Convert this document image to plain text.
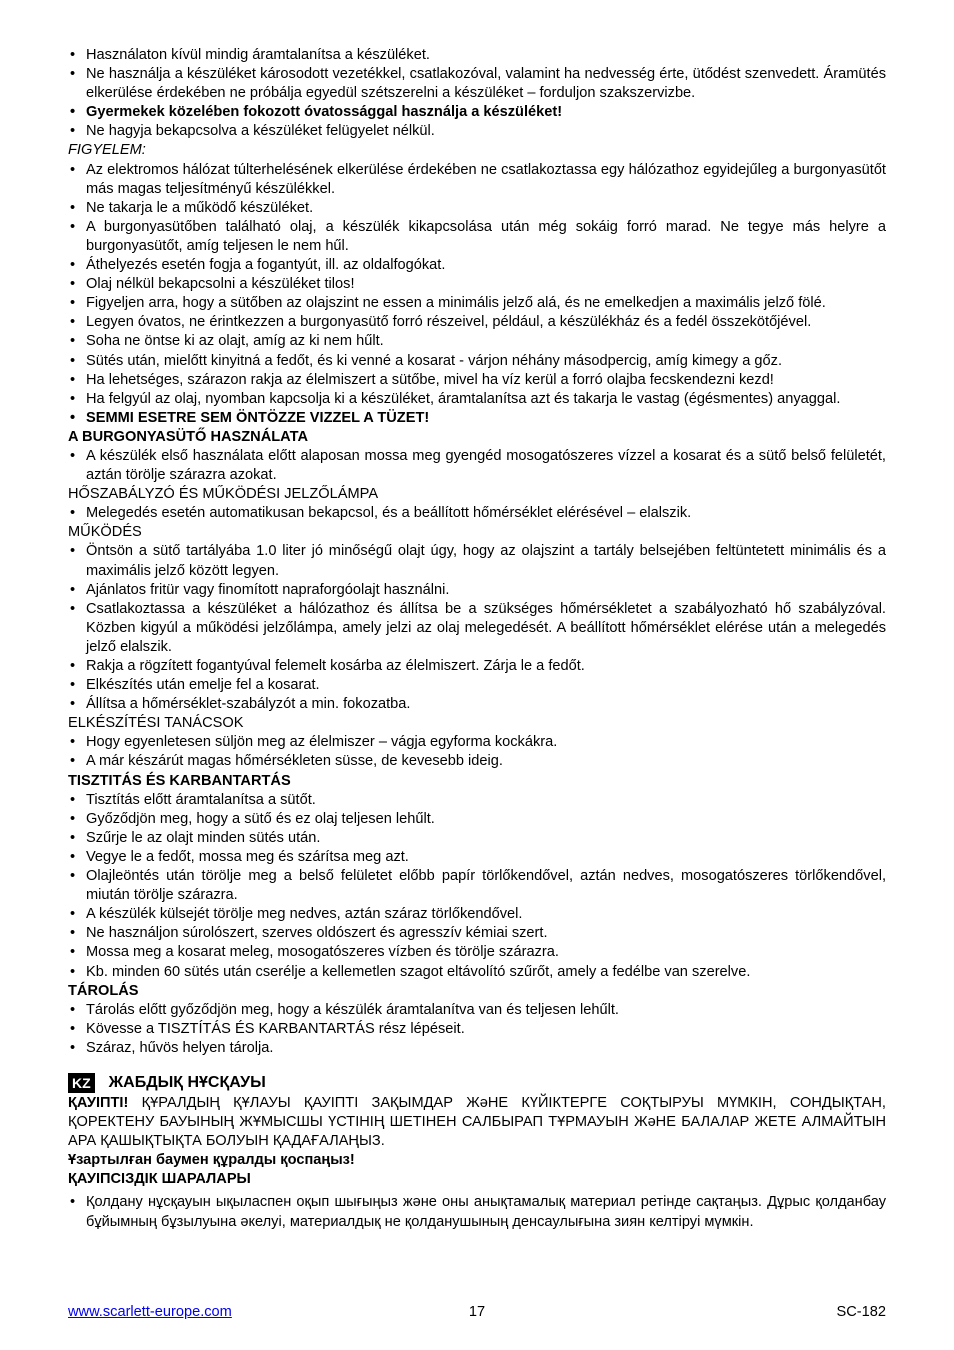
• Használaton kívül mindig áramtalanítsa a készüléket.
• Ne használja a készüléket károsodott vezetékkel, csatlakozóval, valamint ha nedvesség érte, ütődést szenvedett. Áramütés elkerülése érdekében ne próbálja egyedül szétszerelni a készüléket – forduljon szakszervizbe.
• Gyermekek közelében fokozott óvatossággal használja a készüléket!
• Ne hagyja bekapcsolva a készüléket felügyelet nélkül.
FIGYELEM:
• Az elektromos hálózat túlterhelésének elkerülése érdekében ne csatlakoztassa egy hálózathoz egyidejűleg a burgonyasütőt más magas teljesítményű készülékkel.
• Ne takarja le a működő készüléket.
• A burgonyasütőben található olaj, a készülék kikapcsolása után még sokáig forró marad. Ne tegye más helyre a burgonyasütőt, amíg teljesen le nem hűl.
• Áthelyezés esetén fogja a fogantyút, ill. az oldalfogókat.
• Olaj nélkül bekapcsolni a készüléket tilos!
• Figyeljen arra, hogy a sütőben az olajszint ne essen a minimális jelző alá, és ne emelkedjen a maximális jelző fölé.
• Legyen óvatos, ne érintkezzen a burgonyasütő forró részeivel, például, a készülékház és a fedél összekötőjével.
• Soha ne öntse ki az olajt, amíg az ki nem hűlt.
• Sütés után, mielőtt kinyitná a fedőt, és ki venné a kosarat - várjon néhány másodpercig, amíg kimegy a gőz.
• Ha lehetséges, szárazon rakja az élelmiszert a sütőbe, mivel ha víz kerül a forró olajba fecskendezni kezd!
• Ha felgyúl az olaj, nyomban kapcsolja ki a készüléket, áramtalanítsa azt és takarja le vastag (égésmentes) anyaggal.
• SEMMI ESETRE SEM ÖNTÖZZE VIZZEL A TÜZET!
A BURGONYASÜTŐ HASZNÁLATA
• A készülék első használata előtt alaposan mossa meg gyengéd mosogatószeres vízzel a kosarat és a sütő belső felületét, aztán törölje szárazra azokat.
HŐSZABÁLYZÓ ÉS MŰKÖDÉSI JELZŐLÁMPA
• Melegedés esetén automatikusan bekapcsol, és a beállított hőmérséklet elérésével – elalszik.
MŰKÖDÉS
• Öntsön a sütő tartályába 1.0 liter jó minőségű olajt úgy, hogy az olajszint a tartály belsejében feltüntetett minimális és a maximális jelző között legyen.
• Ajánlatos fritür vagy finomított napraforgóolajt használni.
• Csatlakoztassa a készüléket a hálózathoz és állítsa be a szükséges hőmérsékletet a szabályozható hő szabályzóval. Közben kigyúl a működési jelzőlámpa, amely jelzi az olaj melegedését. A beállított hőmérséklet elérése után a melegedés jelző elalszik.
• Rakja a rögzített fogantyúval felemelt kosárba az élelmiszert. Zárja le a fedőt.
• Elkészítés után emelje fel a kosarat.
• Állítsa a hőmérséklet-szabályzót a min. fokozatba.
ELKÉSZÍTÉSI TANÁCSOK
• Hogy egyenletesen süljön meg az élelmiszer – vágja egyforma kockákra.
• A már készárút magas hőmérsékleten süsse, de kevesebb ideig.
TISZTITÁS ÉS KARBANTARTÁS
• Tisztítás előtt áramtalanítsa a sütőt.
• Győződjön meg, hogy a sütő és ez olaj teljesen lehűlt.
• Szűrje le az olajt minden sütés után.
• Vegye le a fedőt, mossa meg és szárítsa meg azt.
• Olajleöntés után törölje meg a belső felületet előbb papír törlőkendővel, aztán nedves, mosogatószeres törlőkendővel, miután törölje szárazra.
• A készülék külsejét törölje meg nedves, aztán száraz törlőkendővel.
• Ne használjon súrolószert, szerves oldószert és agresszív kémiai szert.
• Mossa meg a kosarat meleg, mosogatószeres vízben és törölje szárazra.
• Kb. minden 60 sütés után cserélje a kellemetlen szagot eltávolító szűrőt, amely a fedélbe van szerelve.
TÁROLÁS
• Tárolás előtt győződjön meg, hogy a készülék áramtalanítva van és teljesen lehűlt.
• Kövesse a TISZTÍTÁS ÉS KARBANTARTÁS rész lépéseit.
• Száraz, hűvös helyen tárolja.
KZ ЖАБДЫҚ НҰСҚАУЫ
ҚАУІПТІ! ҚҰРАЛДЫҢ ҚҰЛАУЫ ҚАУІПТІ ЗАҚЫМДАР ЖәНЕ КҮЙІКТЕРГЕ СОҚТЫРУЫ МҮМКІН, СОНДЫҚТАН, ҚОРЕКТЕНУ БАУЫНЫҢ ЖҰМЫСШЫ ҮСТІНІҢ ШЕТІНЕН САЛБЫРАП ТҰРМАУЫН ЖәНЕ БАЛАЛАР ЖЕТЕ АЛМАЙТЫН АРА ҚАШЫҚТЫҚТА БОЛУЫН ҚАДАҒАЛАҢЫЗ.
Ұзартылған баумен құралды қоспаңыз!
ҚАУІПСІЗДІК ШАРАЛАРЫ
• Қолдану нұсқауын ықыласпен оқып шығыңыз және оны анықтамалық материал ретінде сақтаңыз. Дұрыс қолданбау бұйымның бұзылуына әкелуі, материалдық не қолданушының денсаулығына зиян келтіруі мүмкін.
www.scarlett-europe.com	17	SC-182
